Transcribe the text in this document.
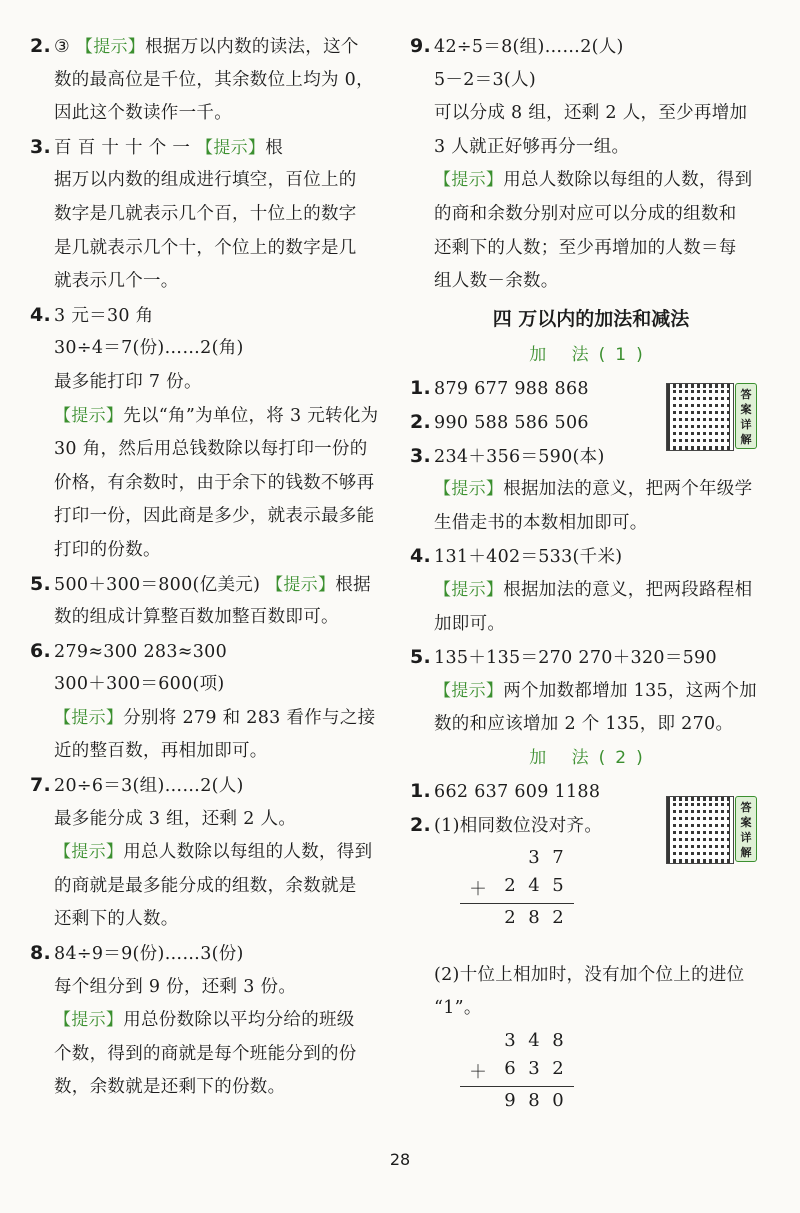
2. ③ 【提示】根据万以内数的读法，这个
数的最高位是千位，其余数位上均为 0，
因此这个数读作一千。
3. 百 百 十 十 个 一 【提示】根
据万以内数的组成进行填空，百位上的
数字是几就表示几个百，十位上的数字
是几就表示几个十，个位上的数字是几
就表示几个一。
4. 3 元＝30 角
30÷4＝7(份)……2(角)
最多能打印 7 份。
【提示】先以“角”为单位，将 3 元转化为
30 角，然后用总钱数除以每打印一份的
价格，有余数时，由于余下的钱数不够再
打印一份，因此商是多少，就表示最多能
打印的份数。
5. 500＋300＝800(亿美元) 【提示】根据
数的组成计算整百数加整百数即可。
6. 279≈300 283≈300
300＋300＝600(项)
【提示】分别将 279 和 283 看作与之接
近的整百数，再相加即可。
7. 20÷6＝3(组)……2(人)
最多能分成 3 组，还剩 2 人。
【提示】用总人数除以每组的人数，得到
的商就是最多能分成的组数，余数就是
还剩下的人数。
8. 84÷9＝9(份)……3(份)
每个组分到 9 份，还剩 3 份。
【提示】用总份数除以平均分给的班级
个数，得到的商就是每个班能分到的份
数，余数就是还剩下的份数。
9. 42÷5＝8(组)……2(人)
5－2＝3(人)
可以分成 8 组，还剩 2 人，至少再增加
3 人就正好够再分一组。
【提示】用总人数除以每组的人数，得到
的商和余数分别对应可以分成的组数和
还剩下的人数；至少再增加的人数＝每
组人数－余数。
四 万以内的加法和减法
加 法(1)
1. 879 677 988 868
2. 990 588 586 506
3. 234＋356＝590(本)
【提示】根据加法的意义，把两个年级学
生借走书的本数相加即可。
4. 131＋402＝533(千米)
【提示】根据加法的意义，把两段路程相
加即可。
5. 135＋135＝270 270＋320＝590
【提示】两个加数都增加 135，这两个加
数的和应该增加 2 个 135，即 270。
加 法(2)
1. 662 637 609 1188
2. (1)相同数位没对齐。
3 7
＋ 2 4 5
2 8 2
(2)十位上相加时，没有加个位上的进位
“1”。
3 4 8
＋ 6 3 2
9 8 0
答案详解
答案详解
28
